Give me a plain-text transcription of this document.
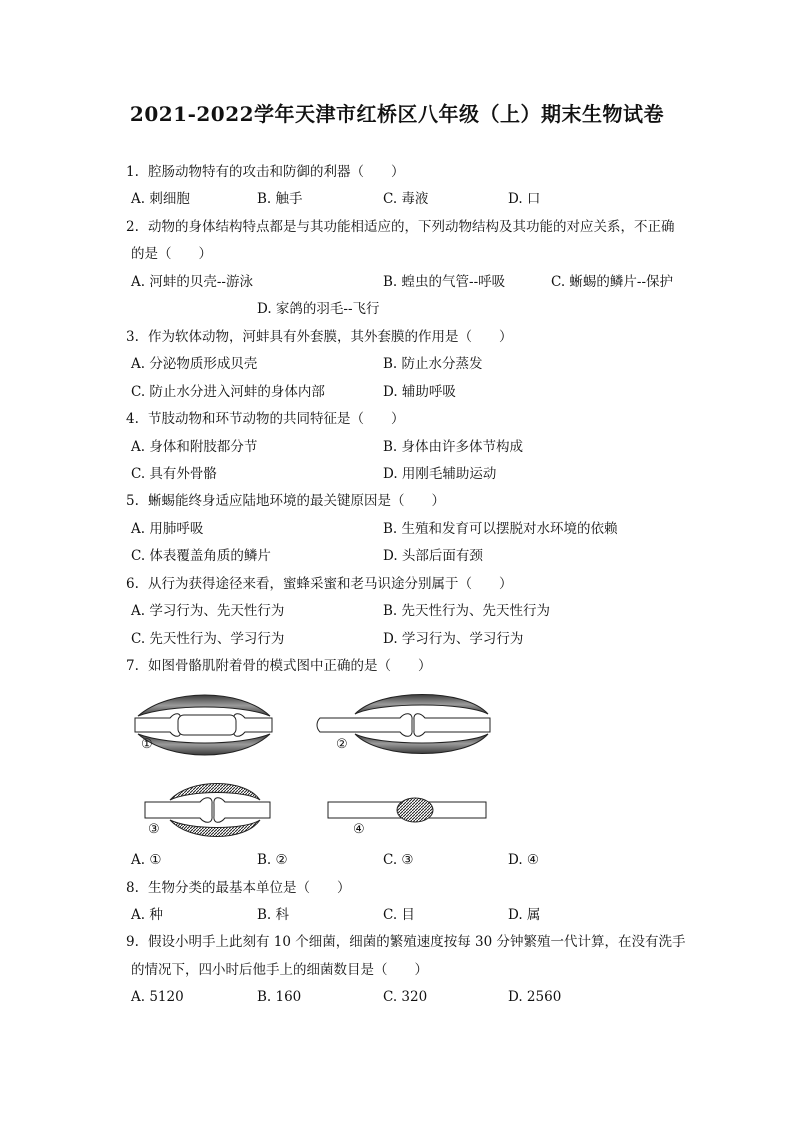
2021-2022学年天津市红桥区八年级（上）期末生物试卷
1. 腔肠动物特有的攻击和防御的利器（　　）
A. 刺细胞	B. 触手	C. 毒液	D. 口
2. 动物的身体结构特点都是与其功能相适应的，下列动物结构及其功能的对应关系，不正确
的是（　　）
A. 河蚌的贝壳--游泳	B. 蝗虫的气管--呼吸	C. 蜥蜴的鳞片--保护
D. 家鸽的羽毛--飞行
3. 作为软体动物，河蚌具有外套膜，其外套膜的作用是（　　）
A. 分泌物质形成贝壳	B. 防止水分蒸发
C. 防止水分进入河蚌的身体内部	D. 辅助呼吸
4. 节肢动物和环节动物的共同特征是（　　）
A. 身体和附肢都分节	B. 身体由许多体节构成
C. 具有外骨骼	D. 用刚毛辅助运动
5. 蜥蜴能终身适应陆地环境的最关键原因是（　　）
A. 用肺呼吸	B. 生殖和发育可以摆脱对水环境的依赖
C. 体表覆盖角质的鳞片	D. 头部后面有颈
6. 从行为获得途径来看，蜜蜂采蜜和老马识途分别属于（　　）
A. 学习行为、先天性行为	B. 先天性行为、先天性行为
C. 先天性行为、学习行为	D. 学习行为、学习行为
7. 如图骨骼肌附着骨的模式图中正确的是（　　）
①	②
③	④
A. ①	B. ②	C. ③	D. ④
8. 生物分类的最基本单位是（　　）
A. 种	B. 科	C. 目	D. 属
9. 假设小明手上此刻有 10 个细菌，细菌的繁殖速度按每 30 分钟繁殖一代计算，在没有洗手
的情况下，四小时后他手上的细菌数目是（　　）
A. 5120	B. 160	C. 320	D. 2560
